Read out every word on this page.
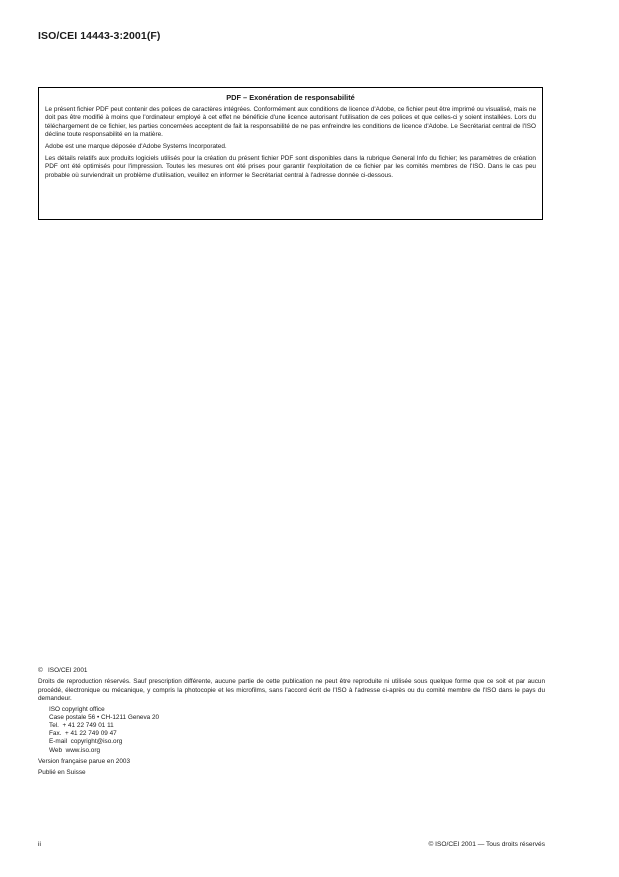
ISO/CEI 14443-3:2001(F)
PDF – Exonération de responsabilité

Le présent fichier PDF peut contenir des polices de caractères intégrées. Conformément aux conditions de licence d'Adobe, ce fichier peut être imprimé ou visualisé, mais ne doit pas être modifié à moins que l'ordinateur employé à cet effet ne bénéficie d'une licence autorisant l'utilisation de ces polices et que celles-ci y soient installées. Lors du téléchargement de ce fichier, les parties concernées acceptent de fait la responsabilité de ne pas enfreindre les conditions de licence d'Adobe. Le Secrétariat central de l'ISO décline toute responsabilité en la matière.

Adobe est une marque déposée d'Adobe Systems Incorporated.

Les détails relatifs aux produits logiciels utilisés pour la création du présent fichier PDF sont disponibles dans la rubrique General Info du fichier; les paramètres de création PDF ont été optimisés pour l'impression. Toutes les mesures ont été prises pour garantir l'exploitation de ce fichier par les comités membres de l'ISO. Dans le cas peu probable où surviendrait un problème d'utilisation, veuillez en informer le Secrétariat central à l'adresse donnée ci-dessous.

©   ISO/CEI 2001

Droits de reproduction réservés. Sauf prescription différente, aucune partie de cette publication ne peut être reproduite ni utilisée sous quelque forme que ce soit et par aucun procédé, électronique ou mécanique, y compris la photocopie et les microfilms, sans l'accord écrit de l'ISO à l'adresse ci-après ou du comité membre de l'ISO dans le pays du demandeur.

ISO copyright office
Case postale 56 • CH-1211 Geneva 20
Tel.  + 41 22 749 01 11
Fax.  + 41 22 749 09 47
E-mail  copyright@iso.org
Web  www.iso.org

Version française parue en 2003

Publié en Suisse

ii	© ISO/CEI 2001 — Tous droits réservés
